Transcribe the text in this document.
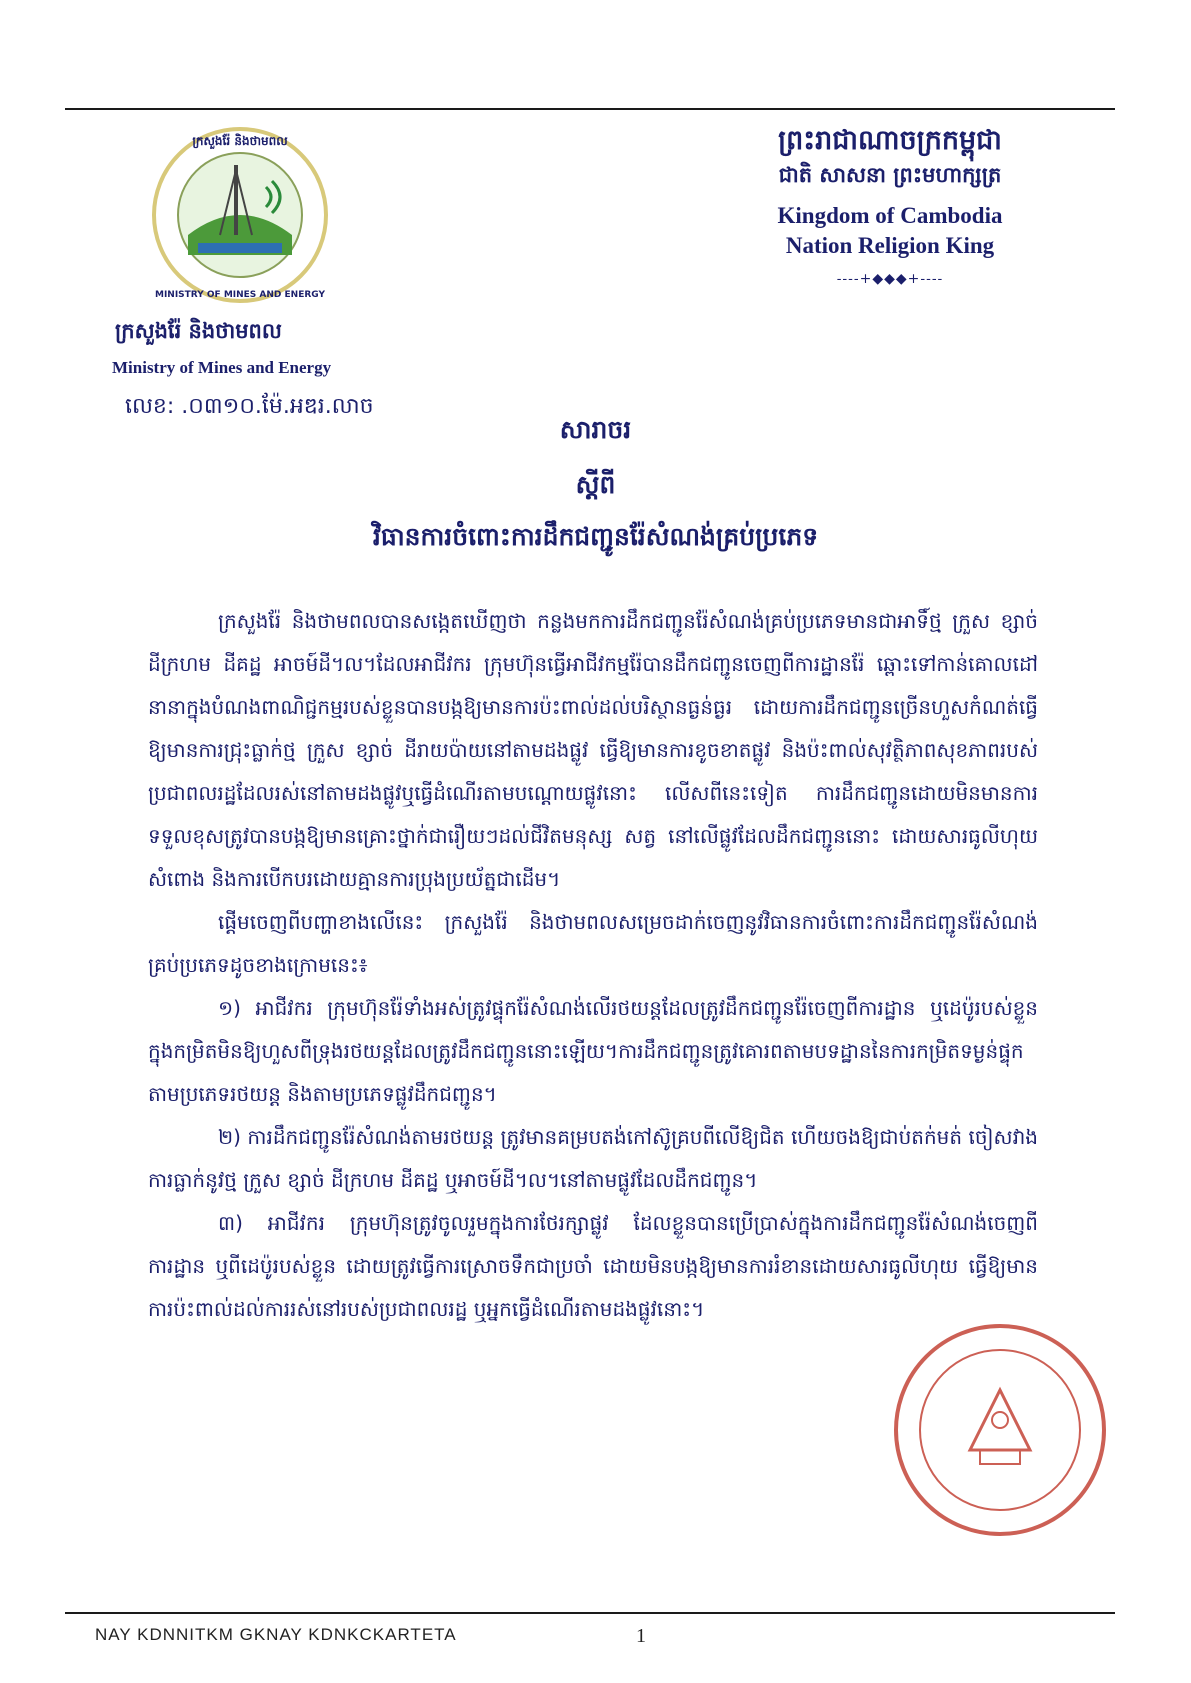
ក្រសួងរ៉ែ និងថាមពល
MINISTRY OF MINES AND ENERGY
ក្រសួងរ៉ែ និងថាមពល
Ministry of Mines and Energy
លេខ: .០៣១០.ម៉ែ.អឌរ.លាច
ព្រះរាជាណាចក្រកម្ពុជា
ជាតិ សាសនា ព្រះមហាក្សត្រ
Kingdom of Cambodia
Nation Religion King
----+◆◆◆+----
សារាចរ
ស្តីពី
វិធានការចំពោះការដឹកជញ្ជូនរ៉ែសំណង់គ្រប់ប្រភេទ

ក្រសួងរ៉ែ និងថាមពលបានសង្កេតឃើញថា កន្លងមកការដឹកជញ្ជូនរ៉ែសំណង់គ្រប់ប្រភេទមានជាអាទិ៍ថ្ម ក្រួស ខ្សាច់ ដីក្រហម ដីគដ្ឋ អាចម៍ដី។ល។ដែលអាជីវករ ក្រុមហ៊ុនធ្វើអាជីវកម្មរ៉ែបានដឹកជញ្ជូនចេញពីការដ្ឋានរ៉ែ ឆ្ពោះទៅកាន់គោលដៅនានាក្នុងបំណងពាណិជ្ជកម្មរបស់ខ្លួនបានបង្កឱ្យមានការប៉ះពាល់ដល់បរិស្ថានធ្ងន់ធ្ងរ ដោយការដឹកជញ្ជូនច្រើនហួសកំណត់ធ្វើឱ្យមានការជ្រុះធ្លាក់ថ្ម ក្រួស ខ្សាច់ ដីរាយប៉ាយនៅតាមដងផ្លូវ ធ្វើឱ្យមានការខូចខាតផ្លូវ និងប៉ះពាល់សុវត្ថិភាពសុខភាពរបស់ប្រជាពលរដ្ឋដែលរស់នៅតាមដងផ្លូវឬធ្វើដំណើរតាមបណ្តោយផ្លូវនោះ លើសពីនេះទៀត ការដឹកជញ្ជូនដោយមិនមានការទទួលខុសត្រូវបានបង្កឱ្យមានគ្រោះថ្នាក់ជារឿយៗដល់ជីវិតមនុស្ស សត្វ នៅលើផ្លូវដែលដឹកជញ្ជូននោះ ដោយសារធូលីហុយសំពោង និងការបើកបរដោយគ្មានការប្រុងប្រយ័ត្នជាដើម។

ផ្តើមចេញពីបញ្ហាខាងលើនេះ ក្រសួងរ៉ែ និងថាមពលសម្រេចដាក់ចេញនូវវិធានការចំពោះការដឹកជញ្ជូនរ៉ែសំណង់គ្រប់ប្រភេទដូចខាងក្រោមនេះ៖

១) អាជីវករ ក្រុមហ៊ុនរ៉ែទាំងអស់ត្រូវផ្ទុករ៉ែសំណង់លើរថយន្តដែលត្រូវដឹកជញ្ជូនរ៉ែចេញពីការដ្ឋាន ឬដេប៉ូរបស់ខ្លួនក្នុងកម្រិតមិនឱ្យហួសពីទ្រុងរថយន្តដែលត្រូវដឹកជញ្ជូននោះឡើយ។ការដឹកជញ្ជូនត្រូវគោរពតាមបទដ្ឋាននៃការកម្រិតទម្ងន់ផ្ទុកតាមប្រភេទរថយន្ត និងតាមប្រភេទផ្លូវដឹកជញ្ជូន។

២) ការដឹកជញ្ជូនរ៉ែសំណង់តាមរថយន្ត ត្រូវមានគម្របតង់កៅស៊ូគ្របពីលើឱ្យជិត ហើយចងឱ្យជាប់តក់មត់ ចៀសវាងការធ្លាក់នូវថ្ម ក្រួស ខ្សាច់ ដីក្រហម ដីគដ្ឋ ឬអាចម៍ដី។ល។នៅតាមផ្លូវដែលដឹកជញ្ជូន។

៣) អាជីវករ ក្រុមហ៊ុនត្រូវចូលរួមក្នុងការថែរក្សាផ្លូវ ដែលខ្លួនបានប្រើប្រាស់ក្នុងការដឹកជញ្ជូនរ៉ែសំណង់ចេញពីការដ្ឋាន ឬពីដេប៉ូរបស់ខ្លួន ដោយត្រូវធ្វើការស្រោចទឹកជាប្រចាំ ដោយមិនបង្កឱ្យមានការរំខានដោយសារធូលីហុយ ធ្វើឱ្យមានការប៉ះពាល់ដល់ការរស់នៅរបស់ប្រជាពលរដ្ឋ ឬអ្នកធ្វើដំណើរតាមដងផ្លូវនោះ។

NAY KDNNITKM GKNAY KDNKCKARTETA	1
